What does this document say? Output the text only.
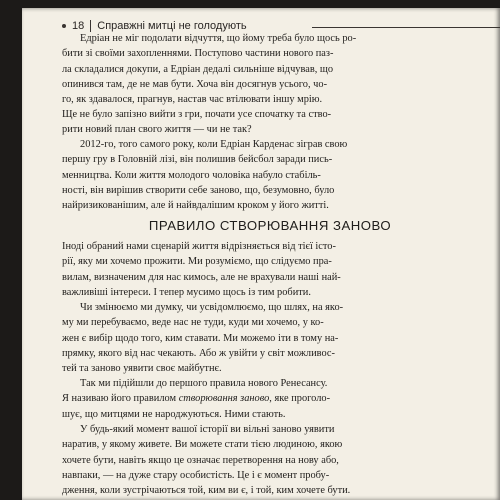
18 Справжні митці не голодують

Едріан не міг подолати відчуття, що йому треба було щось ро-
бити зі своїми захопленнями. Поступово частини нового паз-
ла складалися докупи, а Едріан дедалі сильніше відчував, що
опинився там, де не мав бути. Хоча він досягнув усього, чо-
го, як здавалося, прагнув, настав час втілювати іншу мрію.
Ще не було запізно вийти з гри, почати усе спочатку та ство-
рити новий план свого життя — чи не так?

2012-го, того самого року, коли Едріан Карденас зіграв свою
першу гру в Головній лізі, він полишив бейсбол заради пись-
менництва. Коли життя молодого чоловіка набуло стабіль-
ності, він вирішив створити себе заново, що, безумовно, було
найризикованішим, але й найвдалішим кроком у його житті.

ПРАВИЛО СТВОРЮВАННЯ ЗАНОВО

Іноді обраний нами сценарій життя відрізняється від тієї істо-
рії, яку ми хочемо прожити. Ми розуміємо, що слідуємо пра-
вилам, визначеним для нас кимось, але не врахували наші най-
важливіші інтереси. І тепер мусимо щось із тим робити.

Чи змінюємо ми думку, чи усвідомлюємо, що шлях, на яко-
му ми перебуваємо, веде нас не туди, куди ми хочемо, у ко-
жен є вибір щодо того, ким ставати. Ми можемо іти в тому на-
прямку, якого від нас чекають. Або ж увійти у світ можливос-
тей та заново уявити своє майбутнє.

Так ми підійшли до першого правила нового Ренесансу.
Я називаю його правилом створювання заново, яке проголо-
шує, що митцями не народжуються. Ними стають.

У будь-який момент вашої історії ви вільні заново уявити
наратив, у якому живете. Ви можете стати тією людиною, якою
хочете бути, навіть якщо це означає перетворення на нову або,
навпаки, — на дуже стару особистість. Це і є момент пробу-
дження, коли зустрічаються той, ким ви є, і той, ким хочете бути.
